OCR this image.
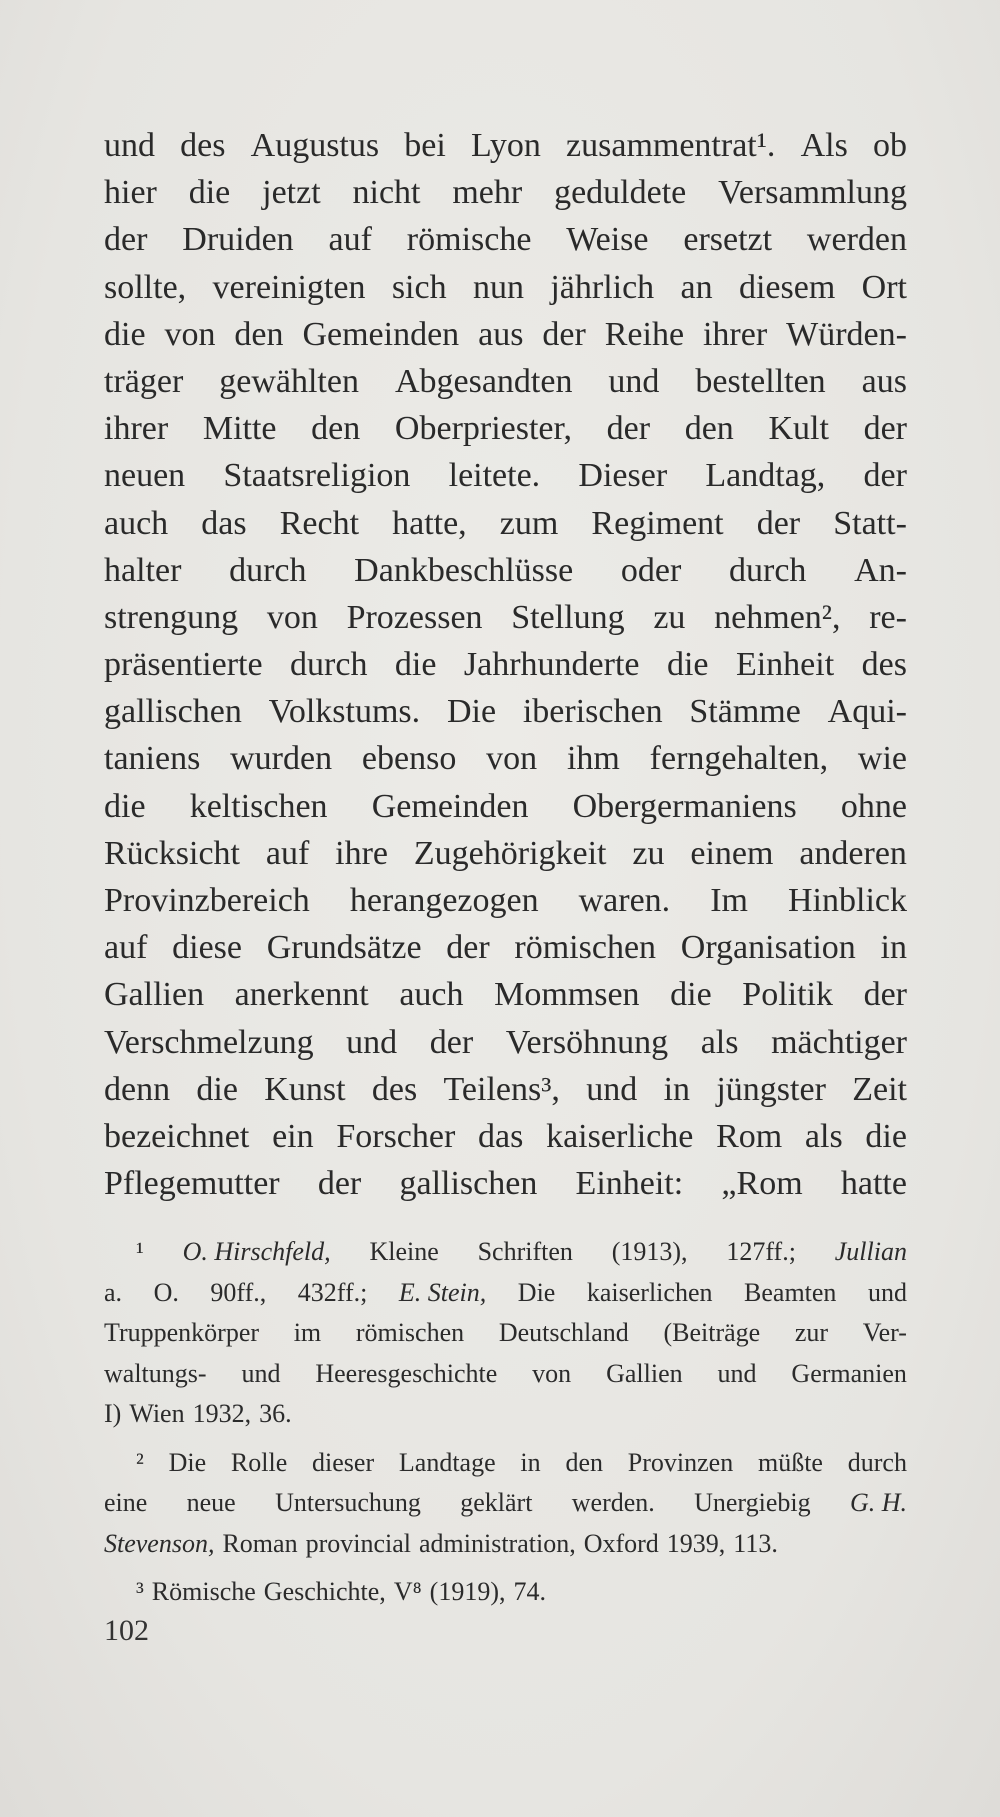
und des Augustus bei Lyon zusammentrat¹. Als ob
hier die jetzt nicht mehr geduldete Versammlung
der Druiden auf römische Weise ersetzt werden
sollte, vereinigten sich nun jährlich an diesem Ort
die von den Gemeinden aus der Reihe ihrer Würden-
träger gewählten Abgesandten und bestellten aus
ihrer Mitte den Oberpriester, der den Kult der
neuen Staatsreligion leitete. Dieser Landtag, der
auch das Recht hatte, zum Regiment der Statt-
halter durch Dankbeschlüsse oder durch An-
strengung von Prozessen Stellung zu nehmen², re-
präsentierte durch die Jahrhunderte die Einheit des
gallischen Volkstums. Die iberischen Stämme Aqui-
taniens wurden ebenso von ihm ferngehalten, wie
die keltischen Gemeinden Obergermaniens ohne
Rücksicht auf ihre Zugehörigkeit zu einem anderen
Provinzbereich herangezogen waren. Im Hinblick
auf diese Grundsätze der römischen Organisation in
Gallien anerkennt auch Mommsen die Politik der
Verschmelzung und der Versöhnung als mächtiger
denn die Kunst des Teilens³, und in jüngster Zeit
bezeichnet ein Forscher das kaiserliche Rom als die
Pflegemutter der gallischen Einheit: „Rom hatte
¹ O. Hirschfeld, Kleine Schriften (1913), 127ff.; Jullian
a. O. 90ff., 432ff.; E. Stein, Die kaiserlichen Beamten und
Truppenkörper im römischen Deutschland (Beiträge zur Ver-
waltungs- und Heeresgeschichte von Gallien und Germanien
I) Wien 1932, 36.
² Die Rolle dieser Landtage in den Provinzen müßte durch
eine neue Untersuchung geklärt werden. Unergiebig G. H.
Stevenson, Roman provincial administration, Oxford 1939, 113.
³ Römische Geschichte, V⁸ (1919), 74.
102
